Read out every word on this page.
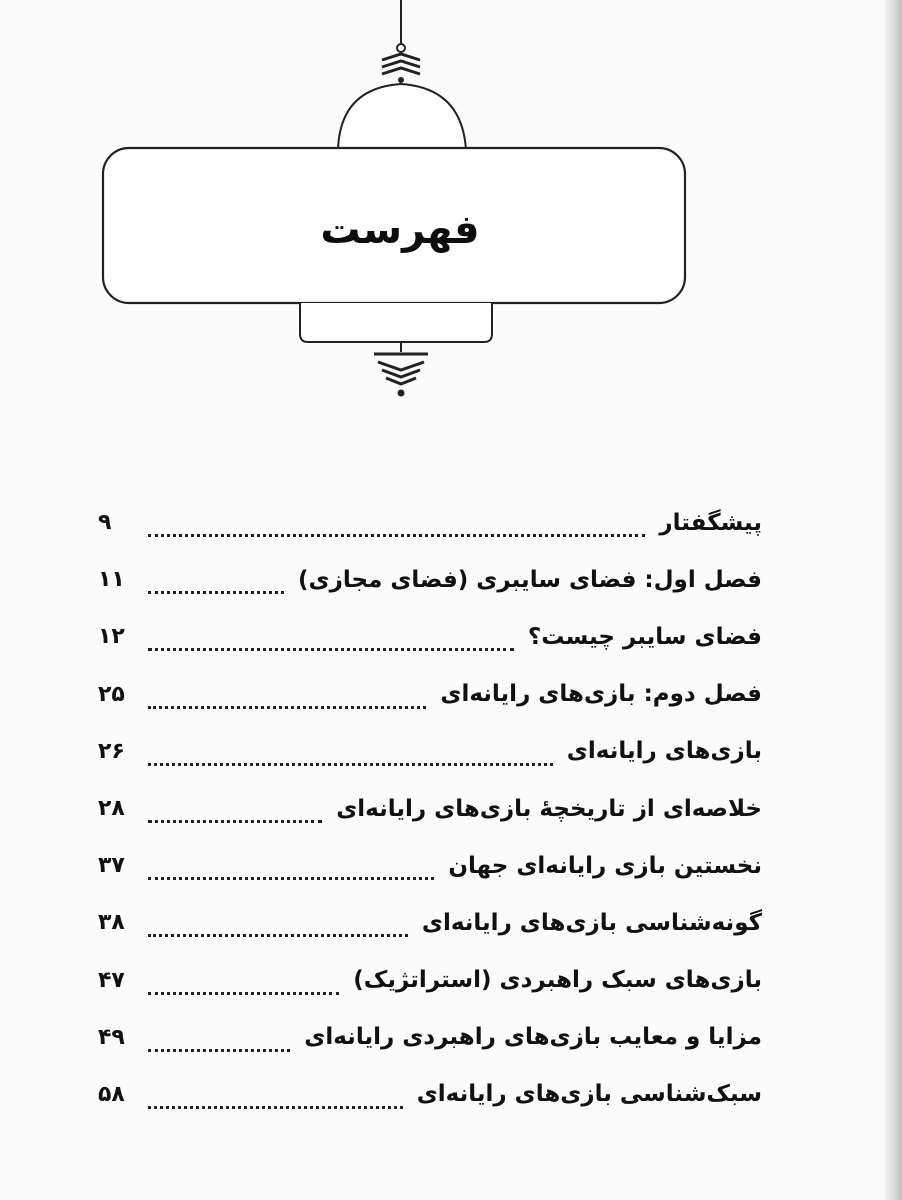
فهرست
پیشگفتار
۹
فصل اول: فضای سایبری (فضای مجازی)
۱۱
فضای سایبر چیست؟
۱۲
فصل دوم: بازی‌های رایانه‌ای
۲۵
بازی‌های رایانه‌ای
۲۶
خلاصه‌ای از تاریخچۀ بازی‌های رایانه‌ای
۲۸
نخستین بازی رایانه‌ای جهان
۳۷
گونه‌شناسی بازی‌های رایانه‌ای
۳۸
بازی‌های سبک راهبردی (استراتژیک)
۴۷
مزایا و معایب بازی‌های راهبردی رایانه‌ای
۴۹
سبک‌شناسی بازی‌های رایانه‌ای
۵۸
